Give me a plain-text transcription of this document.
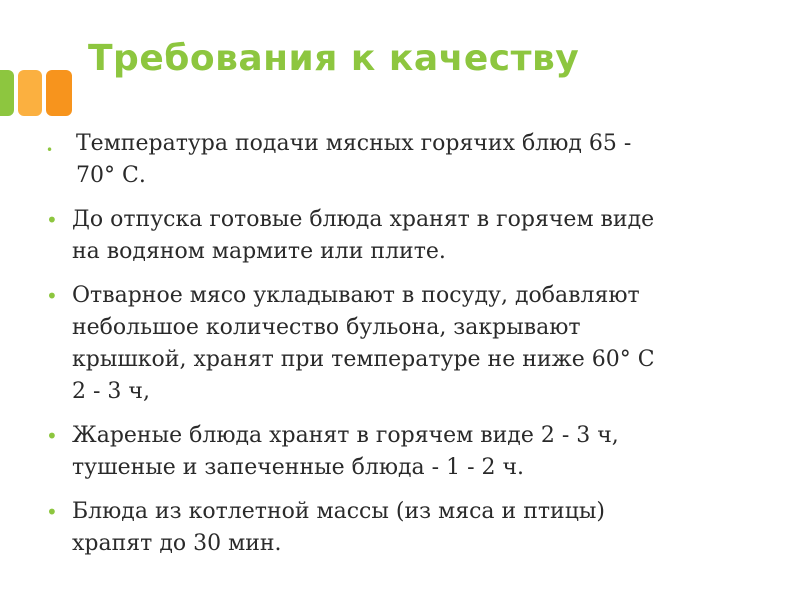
Требования к качеству
• Температура подачи мясных горячих блюд 65 - 70° С.
• До отпуска готовые блюда хранят в горячем виде на водяном мармите или плите.
• Отварное мясо укладывают в посуду, добавляют небольшое количество бульона, закрывают крышкой, хранят при температуре не ниже 60° С 2 - 3 ч,
• Жареные блюда хранят в горячем виде 2 - 3 ч, тушеные и запеченные блюда - 1 - 2 ч.
• Блюда из котлетной массы (из мяса и птицы) храпят до 30 мин.
